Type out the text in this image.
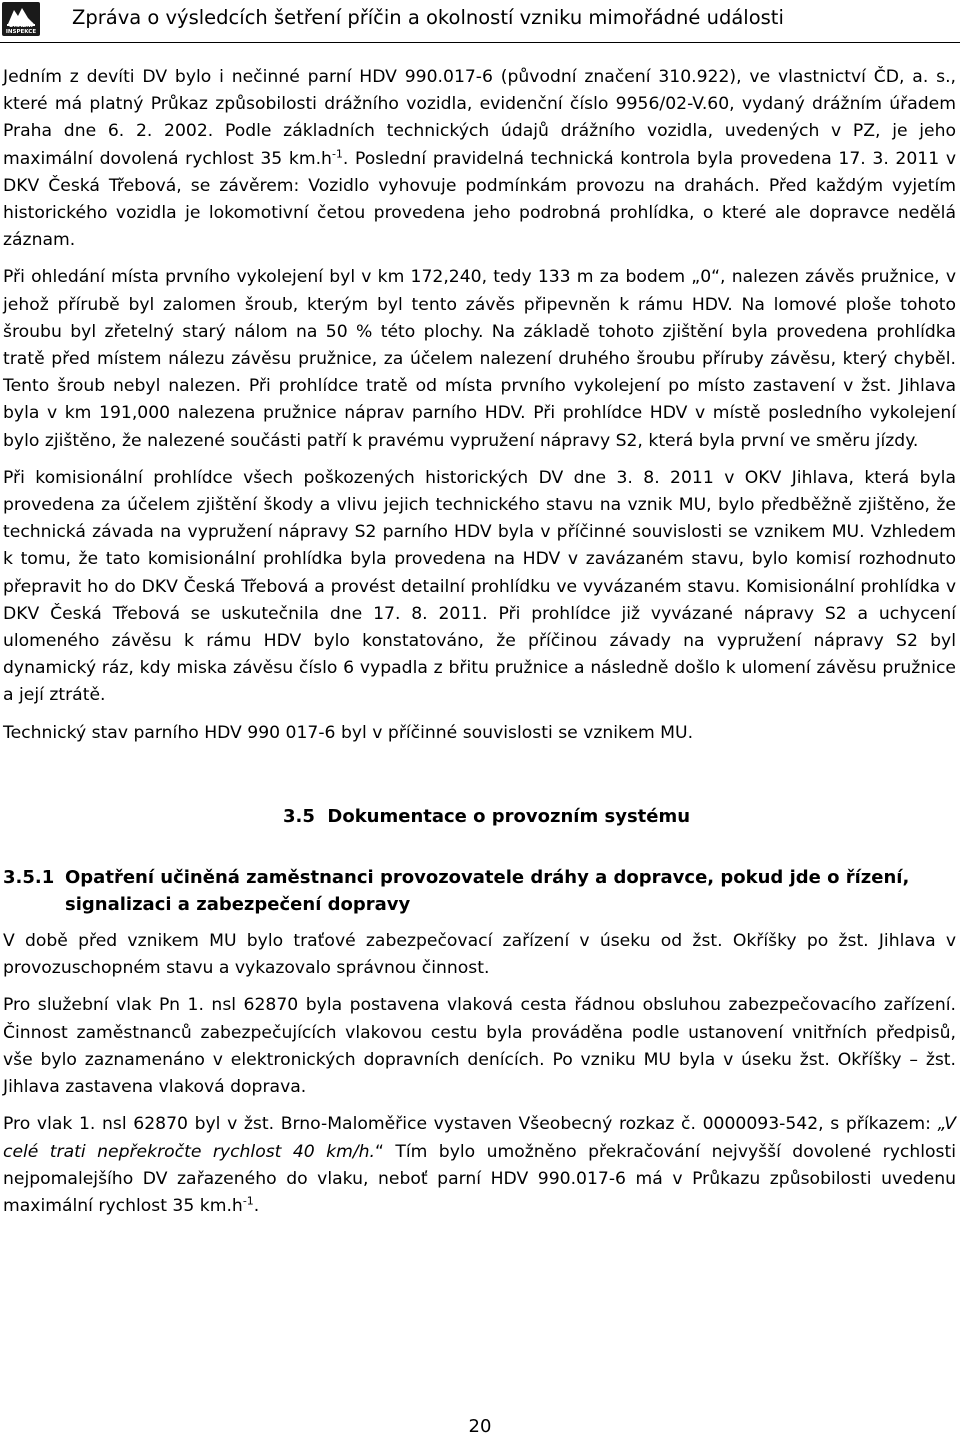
DRÁŽNÍ INSPEKCE
Zpráva o výsledcích šetření příčin a okolností vzniku mimořádné události

Jedním z devíti DV bylo i nečinné parní HDV 990.017-6 (původní značení 310.922), ve vlastnictví ČD, a. s., které má platný Průkaz způsobilosti drážního vozidla, evidenční číslo 9956/02-V.60, vydaný drážním úřadem Praha dne 6. 2. 2002. Podle základních technických údajů drážního vozidla, uvedených v PZ, je jeho maximální dovolená rychlost 35 $km.h^{-1}$. Poslední pravidelná technická kontrola byla provedena 17. 3. 2011 v DKV Česká Třebová, se závěrem: Vozidlo vyhovuje podmínkám provozu na drahách. Před každým vyjetím historického vozidla je lokomotivní četou provedena jeho podrobná prohlídka, o které ale dopravce nedělá záznam.

Při ohledání místa prvního vykolejení byl v km 172,240, tedy 133 m za bodem „0“, nalezen závěs pružnice, v jehož přírubě byl zalomen šroub, kterým byl tento závěs připevněn k rámu HDV. Na lomové ploše tohoto šroubu byl zřetelný starý nálom na 50 % této plochy. Na základě tohoto zjištění byla provedena prohlídka tratě před místem nálezu závěsu pružnice, za účelem nalezení druhého šroubu příruby závěsu, který chyběl. Tento šroub nebyl nalezen. Při prohlídce tratě od místa prvního vykolejení po místo zastavení v žst. Jihlava byla v km 191,000 nalezena pružnice náprav parního HDV. Při prohlídce HDV v místě posledního vykolejení bylo zjištěno, že nalezené součásti patří k pravému vypružení nápravy S2, která byla první ve směru jízdy.

Při komisionální prohlídce všech poškozených historických DV dne 3. 8. 2011 v OKV Jihlava, která byla provedena za účelem zjištění škody a vlivu jejich technického stavu na vznik MU, bylo předběžně zjištěno, že technická závada na vypružení nápravy S2 parního HDV byla v příčinné souvislosti se vznikem MU. Vzhledem k tomu, že tato komisionální prohlídka byla provedena na HDV v zavázaném stavu, bylo komisí rozhodnuto přepravit ho do DKV Česká Třebová a provést detailní prohlídku ve vyvázaném stavu. Komisionální prohlídka v DKV Česká Třebová se uskutečnila dne 17. 8. 2011. Při prohlídce již vyvázané nápravy S2 a uchycení ulomeného závěsu k rámu HDV bylo konstatováno, že příčinou závady na vypružení nápravy S2 byl dynamický ráz, kdy miska závěsu číslo 6 vypadla z břitu pružnice a následně došlo k ulomení závěsu pružnice a její ztrátě.

Technický stav parního HDV 990 017-6 byl v příčinné souvislosti se vznikem MU.

3.5 Dokumentace o provozním systému
3.5.1 Opatření učiněná zaměstnanci provozovatele dráhy a dopravce, pokud jde o řízení, signalizaci a zabezpečení dopravy

V době před vznikem MU bylo traťové zabezpečovací zařízení v úseku od žst. Okříšky po žst. Jihlava v provozuschopném stavu a vykazovalo správnou činnost.

Pro služební vlak Pn 1. nsl 62870 byla postavena vlaková cesta řádnou obsluhou zabezpečovacího zařízení. Činnost zaměstnanců zabezpečujících vlakovou cestu byla prováděna podle ustanovení vnitřních předpisů, vše bylo zaznamenáno v elektronických dopravních denících. Po vzniku MU byla v úseku žst. Okříšky – žst. Jihlava zastavena vlaková doprava.

Pro vlak 1. nsl 62870 byl v žst. Brno-Maloměřice vystaven Všeobecný rozkaz č. 0000093-542, s příkazem: „V celé trati nepřekročte rychlost 40 km/h.“ Tím bylo umožněno překračování nejvyšší dovolené rychlosti nejpomalejšího DV zařazeného do vlaku, neboť parní HDV 990.017-6 má v Průkazu způsobilosti uvedenu maximální rychlost 35 $km.h^{-1}$.

20
